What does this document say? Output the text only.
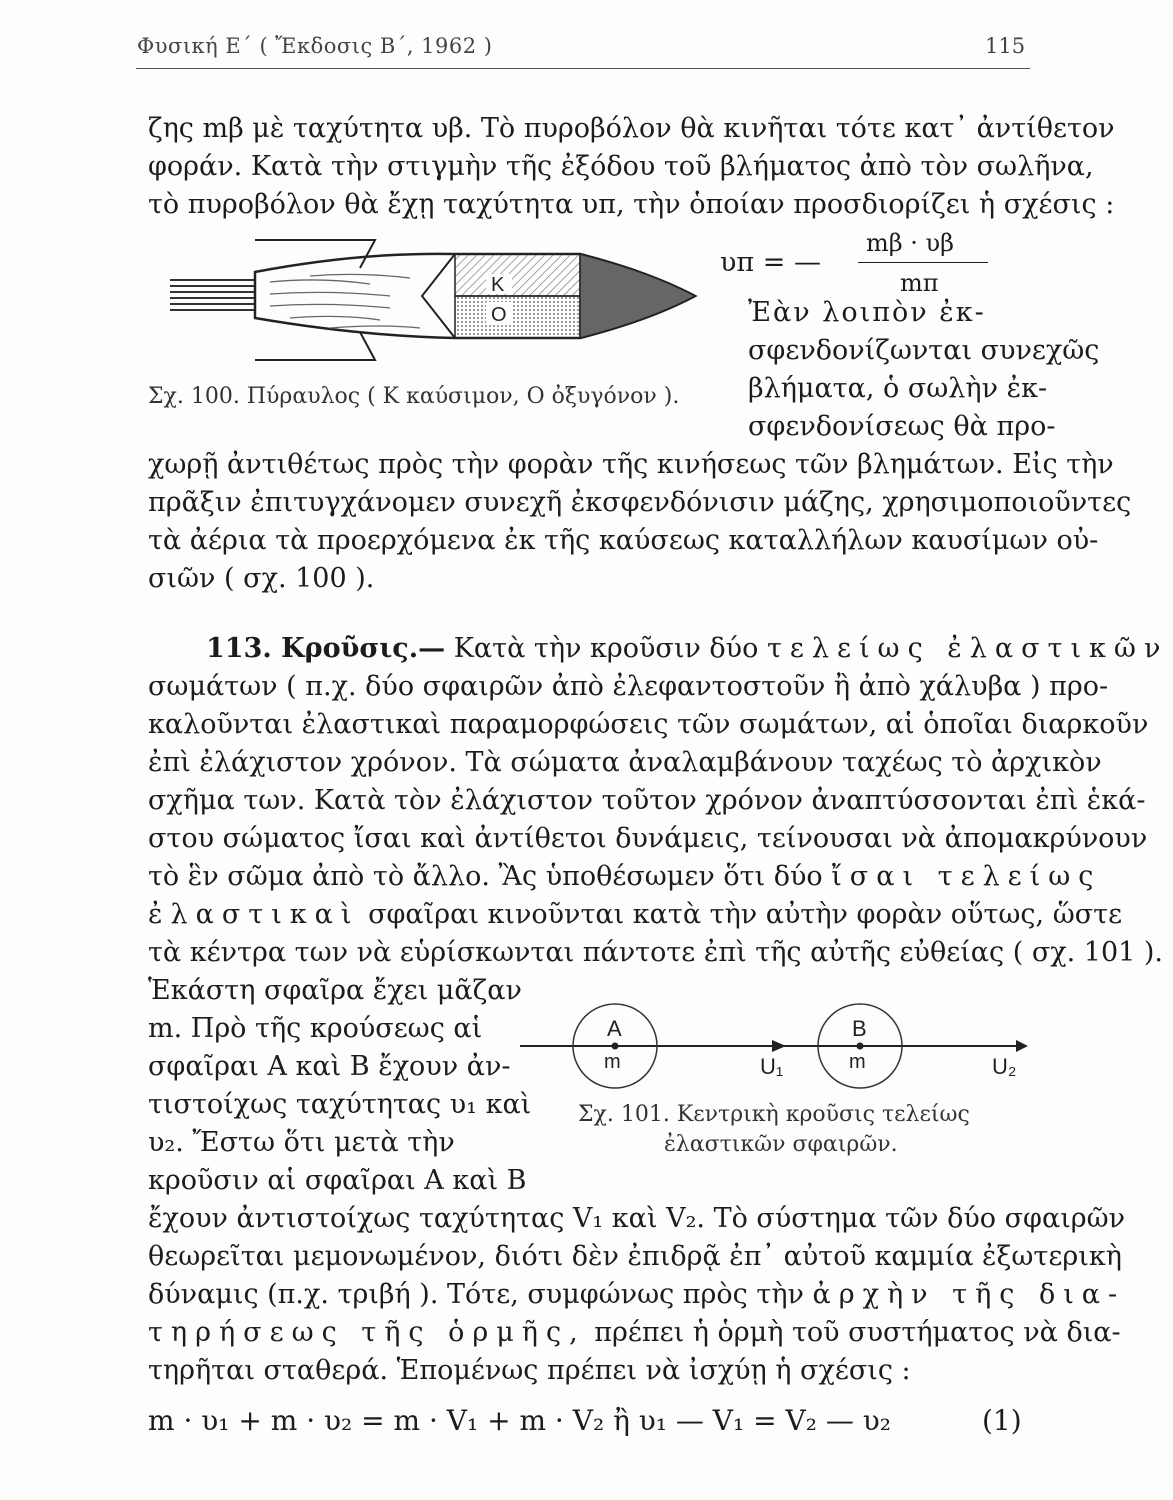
Φυσική Ε΄ ( Ἔκδοσις Β΄, 1962 )	115
ζης mβ μὲ ταχύτητα υβ. Τὸ πυροβόλον θὰ κινῆται τότε κατ᾽ ἀντίθετον
φοράν. Κατὰ τὴν στιγμὴν τῆς ἐξόδου τοῦ βλήματος ἀπὸ τὸν σωλῆνα,
τὸ πυροβόλον θὰ ἔχῃ ταχύτητα υπ, τὴν ὁποίαν προσδιορίζει ἡ σχέσις :
υπ = —
mβ · υβ
mπ
K
O	Ἐὰν λοιπὸν ἐκ-
σφενδονίζωνται συνεχῶς
βλήματα, ὁ σωλὴν ἐκ-
σφενδονίσεως θὰ προ-
Σχ. 100. Πύραυλος ( Κ καύσιμον, Ο ὀξυγόνον ).
χωρῇ ἀντιθέτως πρὸς τὴν φορὰν τῆς κινήσεως τῶν βλημάτων. Εἰς τὴν
πρᾶξιν ἐπιτυγχάνομεν συνεχῆ ἐκσφενδόνισιν μάζης, χρησιμοποιοῦντες
τὰ ἀέρια τὰ προερχόμενα ἐκ τῆς καύσεως καταλλήλων καυσίμων οὐ-
σιῶν ( σχ. 100 ).
113. Κροῦσις.— Κατὰ τὴν κροῦσιν δύο τελείως ἐλαστικῶν
σωμάτων ( π.χ. δύο σφαιρῶν ἀπὸ ἐλεφαντοστοῦν ἢ ἀπὸ χάλυβα ) προ-
καλοῦνται ἐλαστικαὶ παραμορφώσεις τῶν σωμάτων, αἱ ὁποῖαι διαρκοῦν
ἐπὶ ἐλάχιστον χρόνον. Τὰ σώματα ἀναλαμβάνουν ταχέως τὸ ἀρχικὸν
σχῆμα των. Κατὰ τὸν ἐλάχιστον τοῦτον χρόνον ἀναπτύσσονται ἐπὶ ἑκά-
στου σώματος ἴσαι καὶ ἀντίθετοι δυνάμεις, τείνουσαι νὰ ἀπομακρύνουν
τὸ ἓν σῶμα ἀπὸ τὸ ἄλλο. Ἂς ὑποθέσωμεν ὅτι δύο ἴσαι τελείως
ἐλαστικαὶ σφαῖραι κινοῦνται κατὰ τὴν αὐτὴν φορὰν οὕτως, ὥστε
τὰ κέντρα των νὰ εὑρίσκωνται πάντοτε ἐπὶ τῆς αὐτῆς εὐθείας ( σχ. 101 ).
Ἑκάστη σφαῖρα ἔχει μᾶζαν
m. Πρὸ τῆς κρούσεως αἱ
σφαῖραι Α καὶ Β ἔχουν ἀν-
τιστοίχως ταχύτητας υ₁ καὶ
υ₂. Ἔστω ὅτι μετὰ τὴν
κροῦσιν αἱ σφαῖραι Α καὶ Β
A
m
B
m
U₁	U₂
Σχ. 101. Κεντρικὴ κροῦσις τελείως
ἐλαστικῶν σφαιρῶν.
ἔχουν ἀντιστοίχως ταχύτητας V₁ καὶ V₂. Τὸ σύστημα τῶν δύο σφαιρῶν
θεωρεῖται μεμονωμένον, διότι δὲν ἐπιδρᾷ ἐπ᾽ αὐτοῦ καμμία ἐξωτερικὴ
δύναμις (π.χ. τριβή ). Τότε, συμφώνως πρὸς τὴν ἀρχὴν τῆς δια-
τηρήσεως τῆς ὁρμῆς, πρέπει ἡ ὁρμὴ τοῦ συστήματος νὰ δια-
τηρῆται σταθερά. Ἑπομένως πρέπει νὰ ἰσχύῃ ἡ σχέσις :
m · υ₁ + m · υ₂ = m · V₁ + m · V₂ ἢ υ₁ — V₁ = V₂ — υ₂	(1)
